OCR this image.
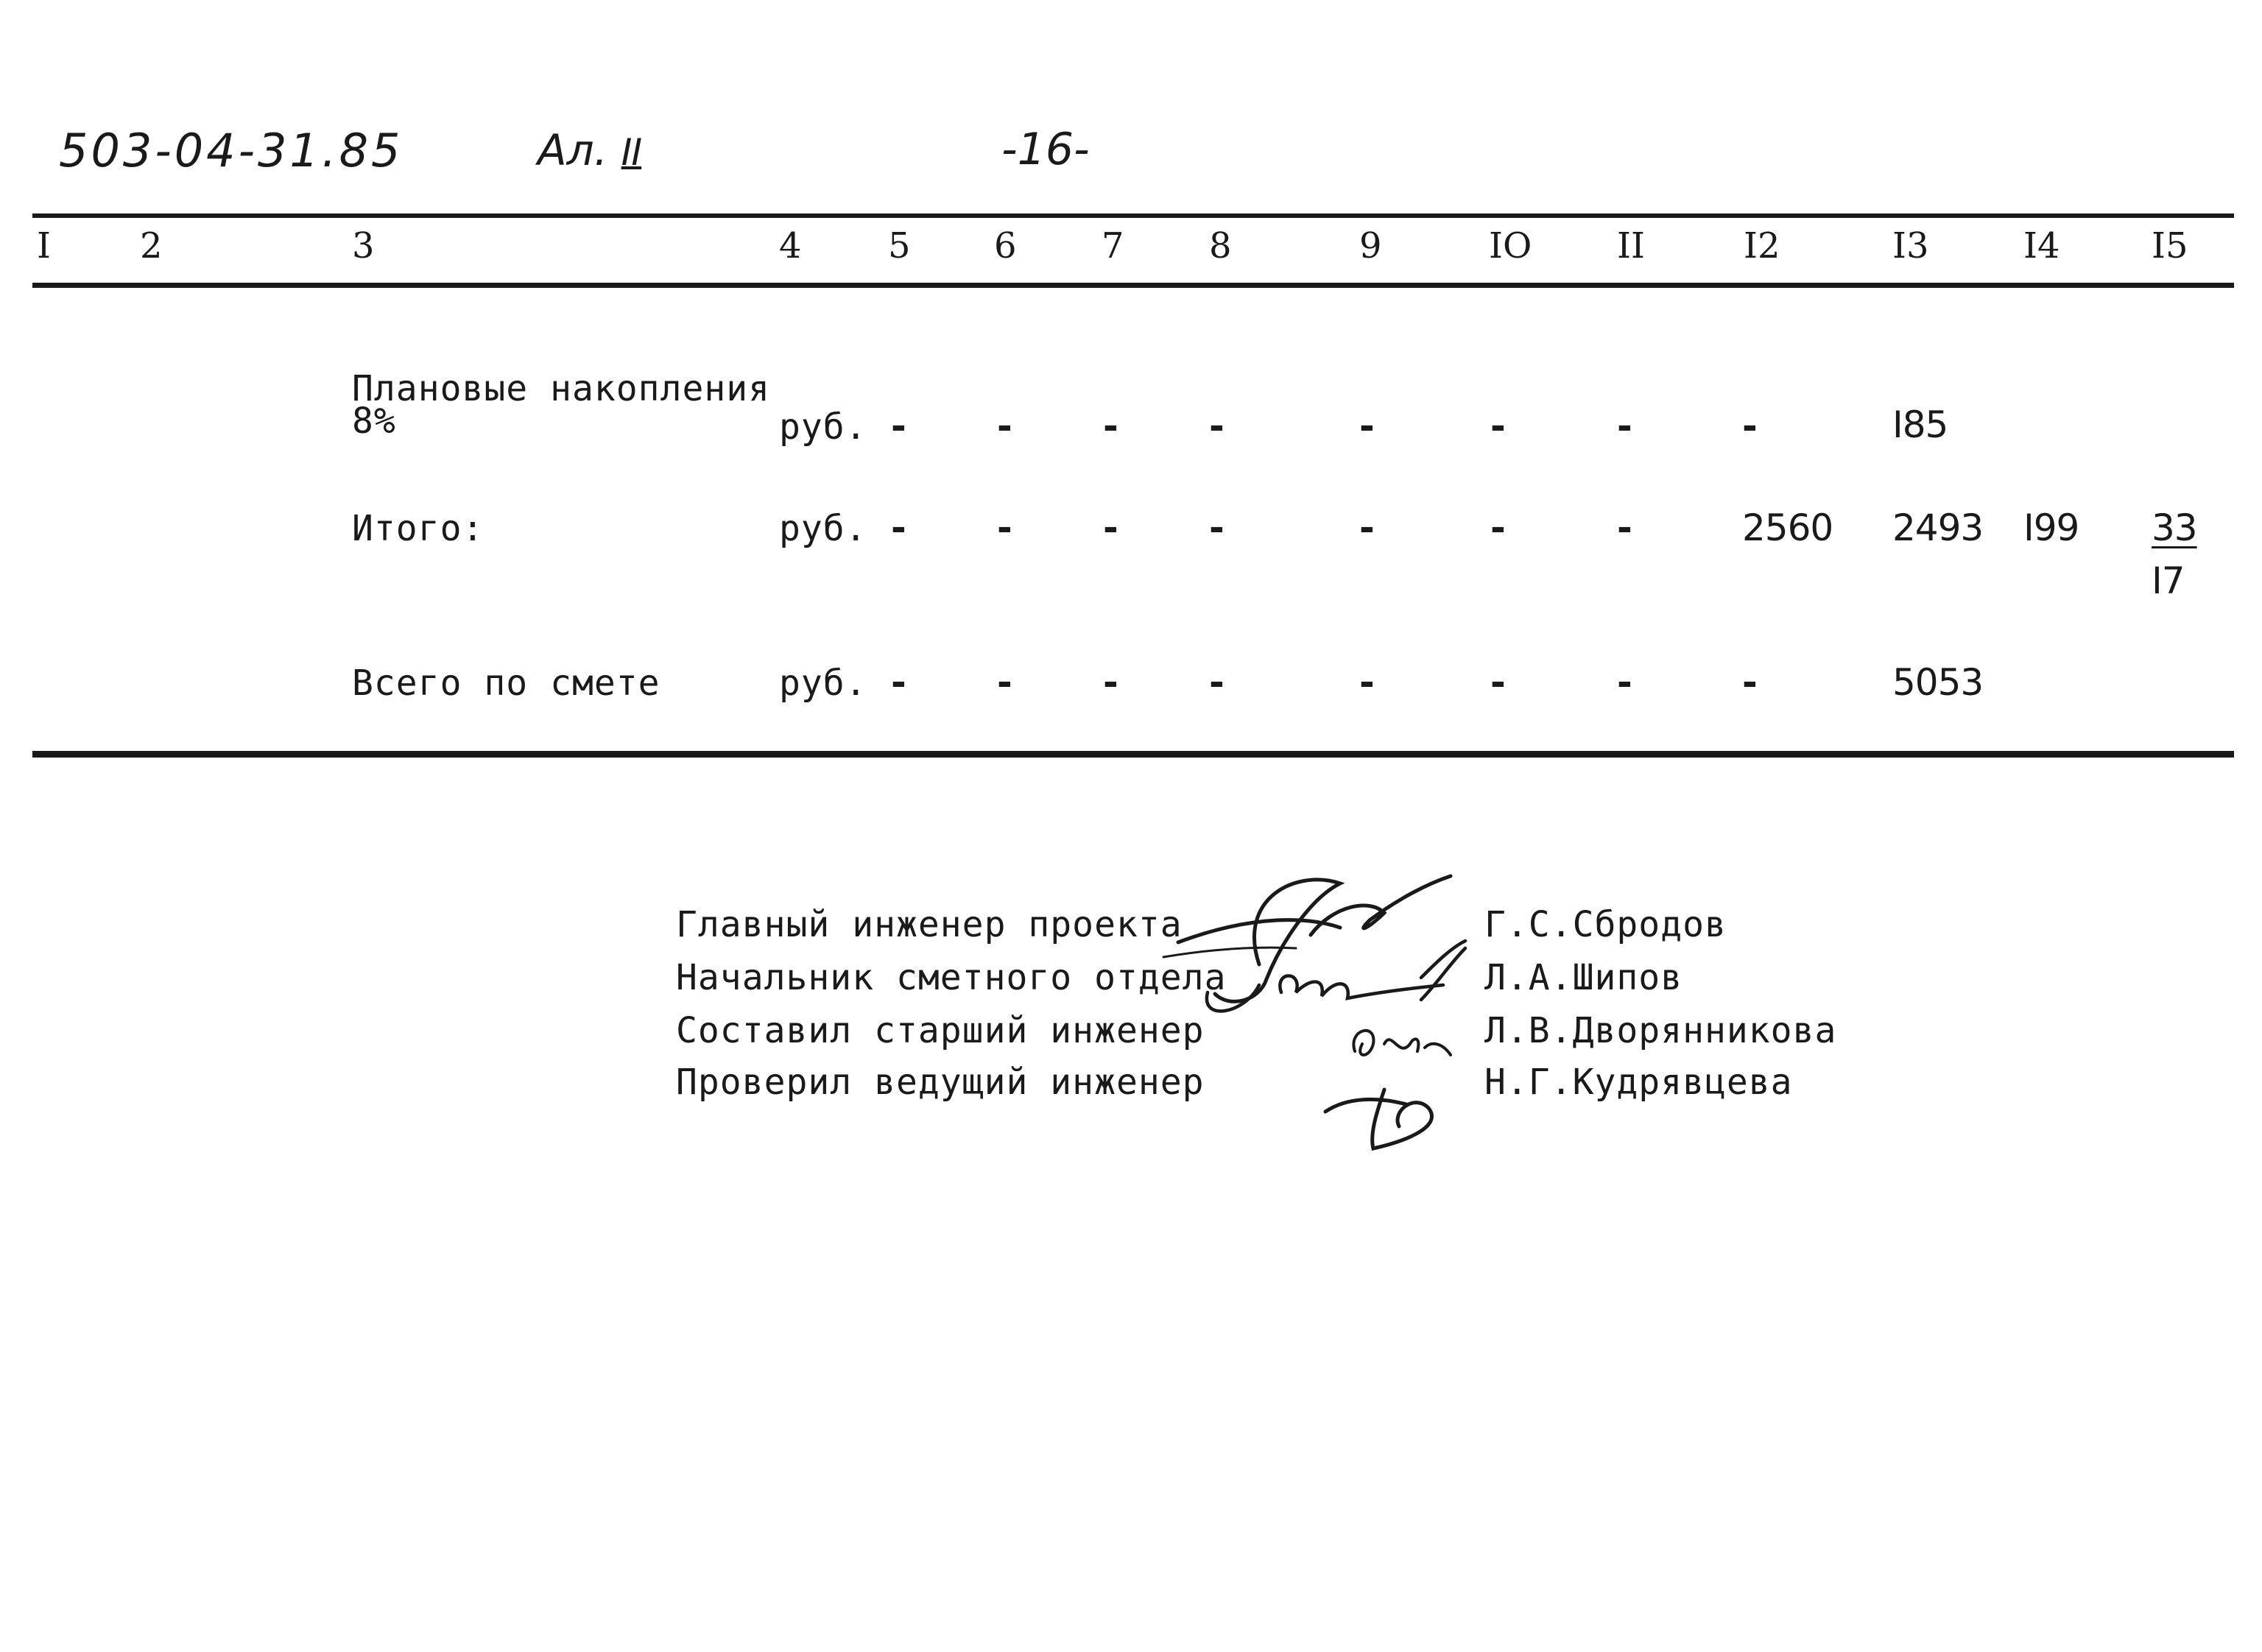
503-04-31.85	Ал. II	-16-
I	2	3	4 5 6 7 8	9	IO II	I2	I3	I4	I5
Плановые накопления
8%	руб. - - - -	-	-	-	-	I85
Итого:	руб. - - - -	-	-	-	2560 2493 I99 33
I7
Всего по смете	руб. - - - -	-	-	-	-	5053
Главный инженер проекта	Г.С.Сбродов
Начальник сметного отдела	Л.А.Шипов
Составил старший инженер	Л.В.Дворянникова
Проверил ведущий инженер	Н.Г.Кудрявцева
